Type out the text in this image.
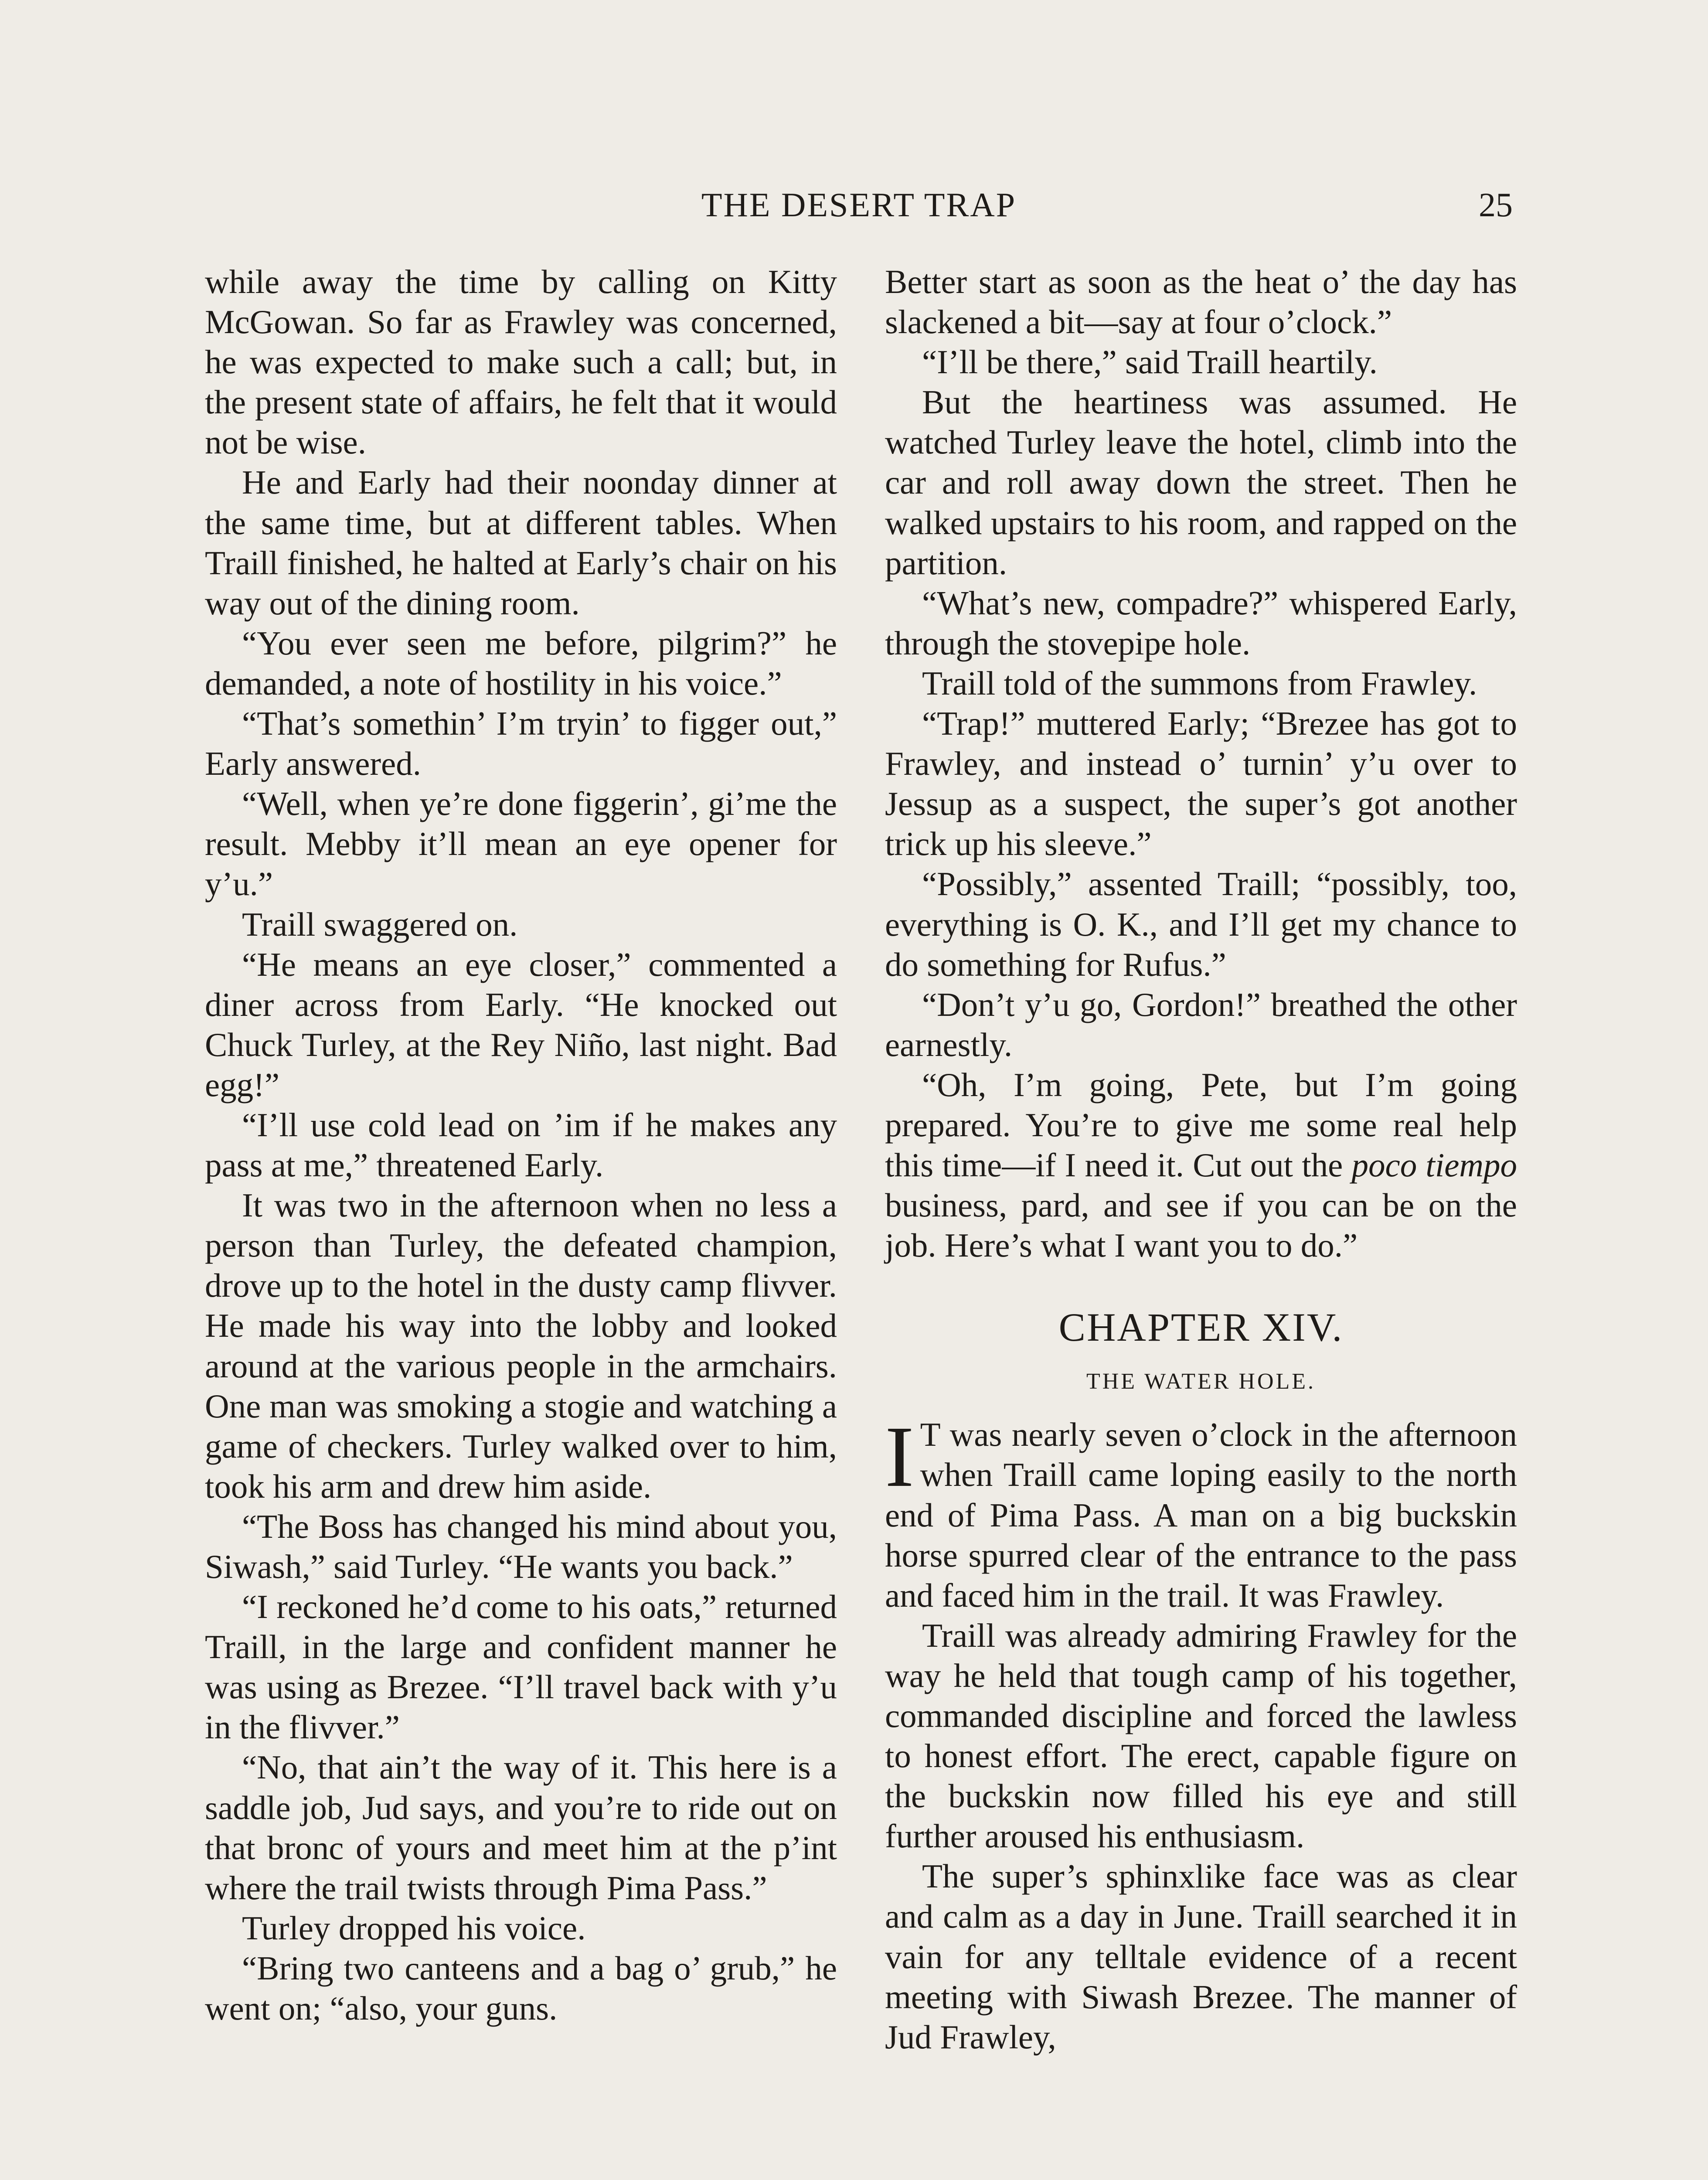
THE DESERT TRAP	25

while away the time by calling on Kitty McGowan. So far as Frawley was concerned, he was expected to make such a call; but, in the present state of affairs, he felt that it would not be wise.

He and Early had their noonday dinner at the same time, but at different tables. When Traill finished, he halted at Early’s chair on his way out of the dining room.

“You ever seen me before, pilgrim?” he demanded, a note of hostility in his voice.”

“That’s somethin’ I’m tryin’ to figger out,” Early answered.

“Well, when ye’re done figgerin’, gi’me the result. Mebby it’ll mean an eye opener for y’u.”

Traill swaggered on.

“He means an eye closer,” commented a diner across from Early. “He knocked out Chuck Turley, at the Rey Niño, last night. Bad egg!”

“I’ll use cold lead on ’im if he makes any pass at me,” threatened Early.

It was two in the afternoon when no less a person than Turley, the defeated champion, drove up to the hotel in the dusty camp flivver. He made his way into the lobby and looked around at the various people in the armchairs. One man was smoking a stogie and watching a game of checkers. Turley walked over to him, took his arm and drew him aside.

“The Boss has changed his mind about you, Siwash,” said Turley. “He wants you back.”

“I reckoned he’d come to his oats,” returned Traill, in the large and confident manner he was using as Brezee. “I’ll travel back with y’u in the flivver.”

“No, that ain’t the way of it. This here is a saddle job, Jud says, and you’re to ride out on that bronc of yours and meet him at the p’int where the trail twists through Pima Pass.”

Turley dropped his voice.

“Bring two canteens and a bag o’ grub,” he went on; “also, your guns.

Better start as soon as the heat o’ the day has slackened a bit—say at four o’clock.”

“I’ll be there,” said Traill heartily.

But the heartiness was assumed. He watched Turley leave the hotel, climb into the car and roll away down the street. Then he walked upstairs to his room, and rapped on the partition.

“What’s new, compadre?” whispered Early, through the stovepipe hole.

Traill told of the summons from Frawley.

“Trap!” muttered Early; “Brezee has got to Frawley, and instead o’ turnin’ y’u over to Jessup as a suspect, the super’s got another trick up his sleeve.”

“Possibly,” assented Traill; “possibly, too, everything is O. K., and I’ll get my chance to do something for Rufus.”

“Don’t y’u go, Gordon!” breathed the other earnestly.

“Oh, I’m going, Pete, but I’m going prepared. You’re to give me some real help this time—if I need it. Cut out the poco tiempo business, pard, and see if you can be on the job. Here’s what I want you to do.”

CHAPTER XIV.
THE WATER HOLE.

I T was nearly seven o’clock in the afternoon when Traill came loping easily to the north end of Pima Pass. A man on a big buckskin horse spurred clear of the entrance to the pass and faced him in the trail. It was Frawley.

Traill was already admiring Frawley for the way he held that tough camp of his together, commanded discipline and forced the lawless to honest effort. The erect, capable figure on the buckskin now filled his eye and still further aroused his enthusiasm.

The super’s sphinxlike face was as clear and calm as a day in June. Traill searched it in vain for any telltale evidence of a recent meeting with Siwash Brezee. The manner of Jud Frawley,
